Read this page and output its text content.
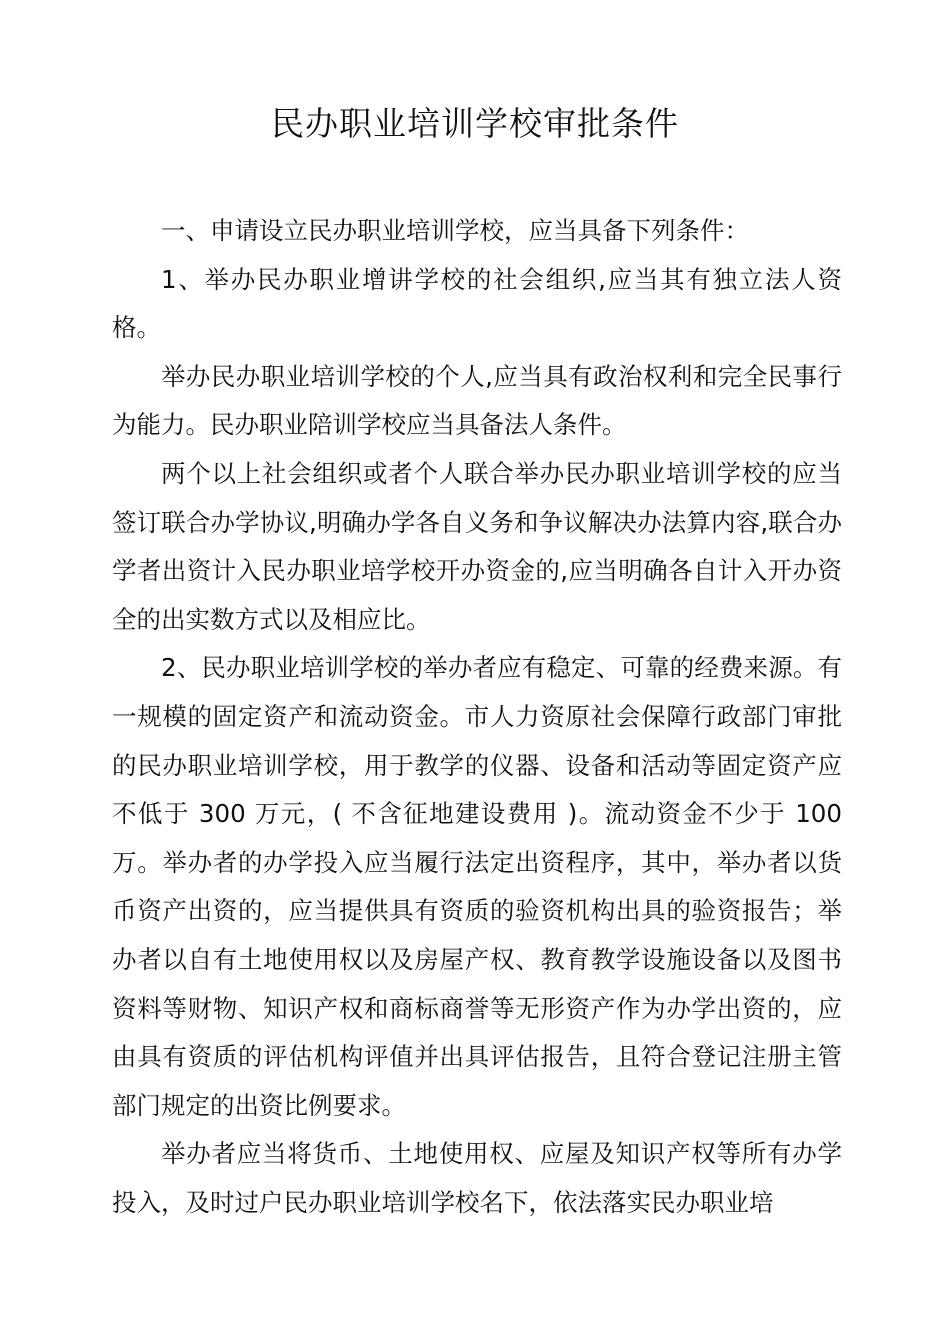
民办职业培训学校审批条件

一、申请设立民办职业培训学校，应当具备下列条件：

1、举办民办职业增讲学校的社会组织,应当其有独立法人资格。

举办民办职业培训学校的个人,应当具有政治权利和完全民事行为能力。民办职业陪训学校应当具备法人条件。

两个以上社会组织或者个人联合举办民办职业培训学校的应当签订联合办学协议,明确办学各自义务和争议解决办法算内容,联合办学者出资计入民办职业培学校开办资金的,应当明确各自计入开办资全的出实数方式以及相应比。

2、民办职业培训学校的举办者应有稳定、可靠的经费来源。有一规模的固定资产和流动资金。市人力资原社会保障行政部门审批的民办职业培训学校，用于教学的仪器、设备和活动等固定资产应不低于 300 万元，( 不含征地建设费用 )。流动资金不少于 100　万。举办者的办学投入应当履行法定出资程序，其中，举办者以货币资产出资的，应当提供具有资质的验资机构出具的验资报告；举办者以自有土地使用权以及房屋产权、教育教学设施设备以及图书资料等财物、知识产权和商标商誉等无形资产作为办学出资的，应由具有资质的评估机构评值并出具评估报告，且符合登记注册主管部门规定的出资比例要求。

举办者应当将货币、土地使用权、应屋及知识产权等所有办学投入，及时过户民办职业培训学校名下，依法落实民办职业培
